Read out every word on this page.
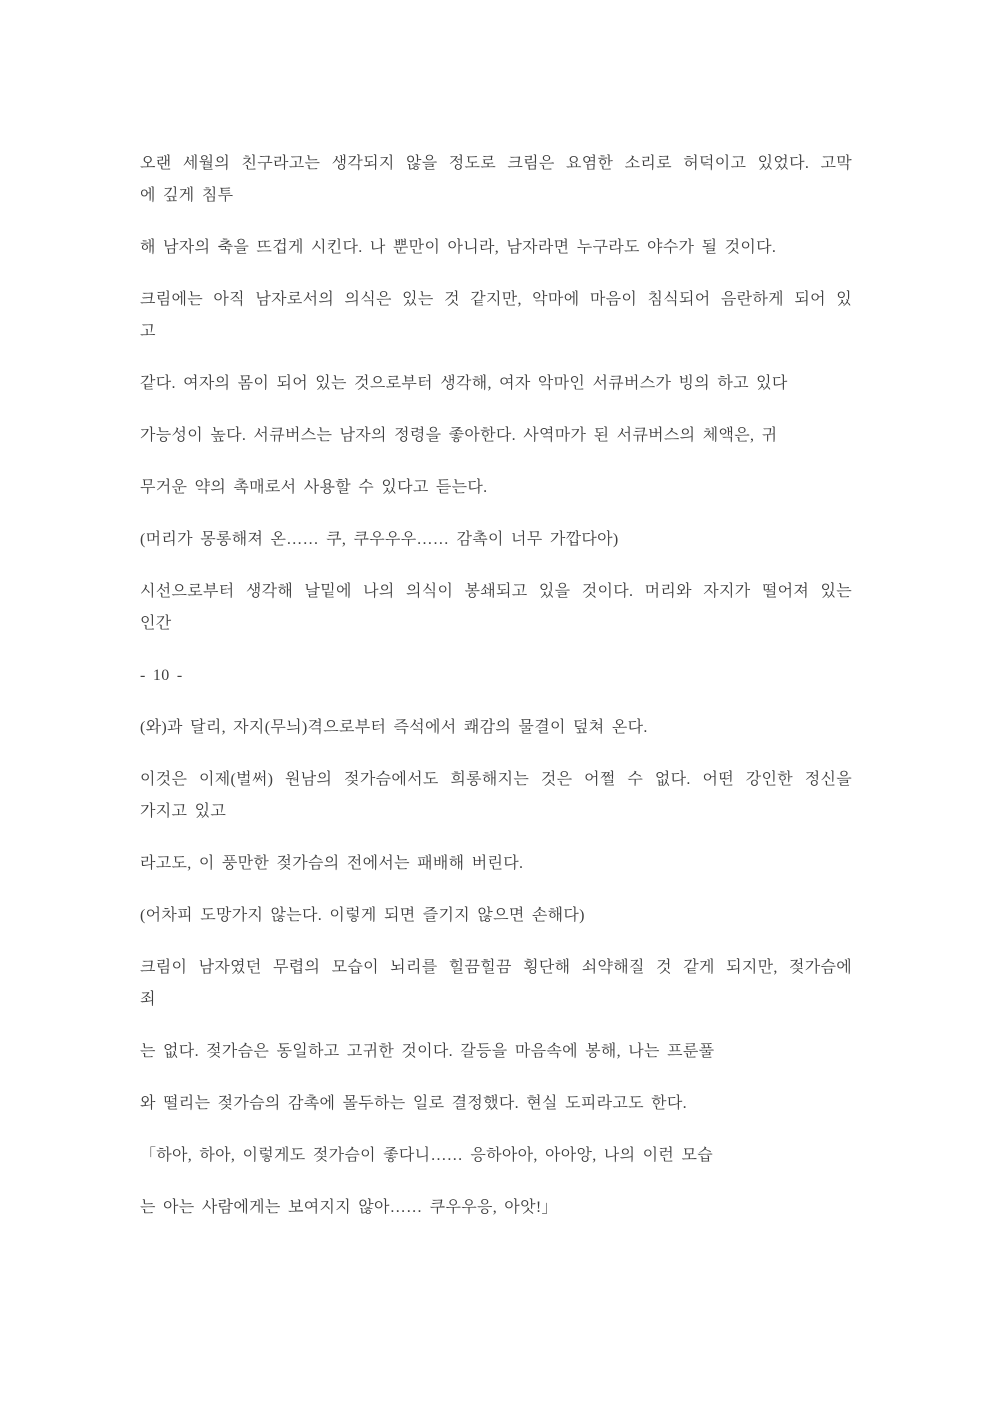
오랜 세월의 친구라고는 생각되지 않을 정도로 크림은 요염한 소리로 허덕이고 있었다. 고막
에 깊게 침투
해 남자의 축을 뜨겁게 시킨다. 나 뿐만이 아니라, 남자라면 누구라도 야수가 될 것이다.
크림에는 아직 남자로서의 의식은 있는 것 같지만, 악마에 마음이 침식되어 음란하게 되어 있
고
같다. 여자의 몸이 되어 있는 것으로부터 생각해, 여자 악마인 서큐버스가 빙의 하고 있다
가능성이 높다. 서큐버스는 남자의 정령을 좋아한다. 사역마가 된 서큐버스의 체액은, 귀
무거운 약의 촉매로서 사용할 수 있다고 듣는다.
(머리가 몽롱해져 온…… 쿠, 쿠우우우…… 감촉이 너무 가깝다아)
시선으로부터 생각해 날밑에 나의 의식이 봉쇄되고 있을 것이다. 머리와 자지가 떨어져 있는
인간
- 10 -
(와)과 달리, 자지(무늬)격으로부터 즉석에서 쾌감의 물결이 덮쳐 온다.
이것은 이제(벌써) 원남의 젖가슴에서도 희롱해지는 것은 어쩔 수 없다. 어떤 강인한 정신을
가지고 있고
라고도, 이 풍만한 젖가슴의 전에서는 패배해 버린다.
(어차피 도망가지 않는다. 이렇게 되면 즐기지 않으면 손해다)
크림이 남자였던 무렵의 모습이 뇌리를 힐끔힐끔 횡단해 쇠약해질 것 같게 되지만, 젖가슴에
죄
는 없다. 젖가슴은 동일하고 고귀한 것이다. 갈등을 마음속에 봉해, 나는 프룬풀
와 떨리는 젖가슴의 감촉에 몰두하는 일로 결정했다. 현실 도피라고도 한다.
「하아, 하아, 이렇게도 젖가슴이 좋다니…… 응하아아, 아아앙, 나의 이런 모습
는 아는 사람에게는 보여지지 않아…… 쿠우우응, 아앗!」
